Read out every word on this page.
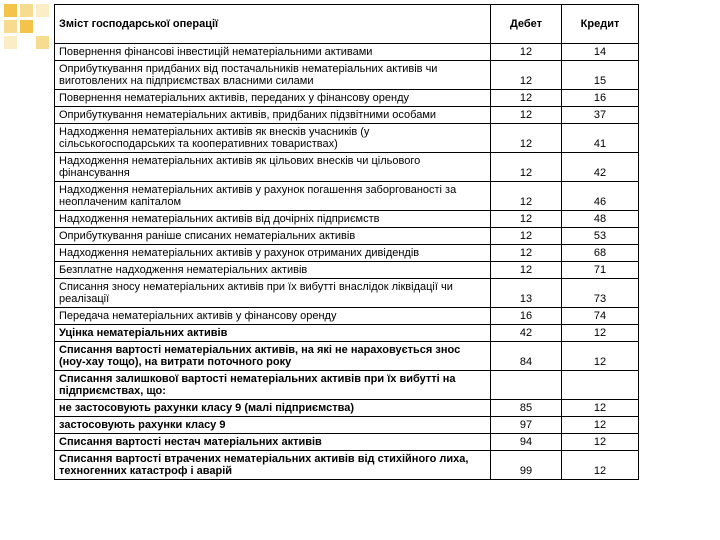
Зміст господарської операції	Дебет	Кредит
Повернення фінансові інвестицій нематеріальними активами	12	14
Оприбуткування придбаних від постачальників нематеріальних активів чи виготовлених на підприємствах власними силами	12	15
Повернення нематеріальних активів, переданих у фінансову оренду	12	16
Оприбуткування нематеріальних активів, придбаних підзвітними особами	12	37
Надходження нематеріальних активів як внесків учасників (у сільськогосподарських та кооперативних товариствах)	12	41
Надходження нематеріальних активів як цільових внесків чи цільового фінансування	12	42
Надходження нематеріальних активів у рахунок погашення заборгованості за неоплаченим капіталом	12	46
Надходження нематеріальних активів від дочірніх підприємств	12	48
Оприбуткування раніше списаних нематеріальних активів	12	53
Надходження нематеріальних активів у рахунок отриманих дивідендів	12	68
Безплатне надходження нематеріальних активів	12	71
Списання зносу нематеріальних активів при їх вибутті внаслідок ліквідації чи реалізації	13	73
Передача нематеріальних активів у фінансову оренду	16	74
Уцінка нематеріальних активів	42	12
Списання вартості нематеріальних активів, на які не нараховується знос (ноу-хау тощо), на витрати поточного року	84	12
Списання залишкової вартості нематеріальних активів при їх вибутті на підприємствах, що:		
не застосовують рахунки класу 9 (малі підприємства)	85	12
застосовують рахунки класу 9	97	12
Списання вартості нестач матеріальних активів	94	12
Списання вартості втрачених нематеріальних активів від стихійного лиха, техногенних катастроф і аварій	99	12
